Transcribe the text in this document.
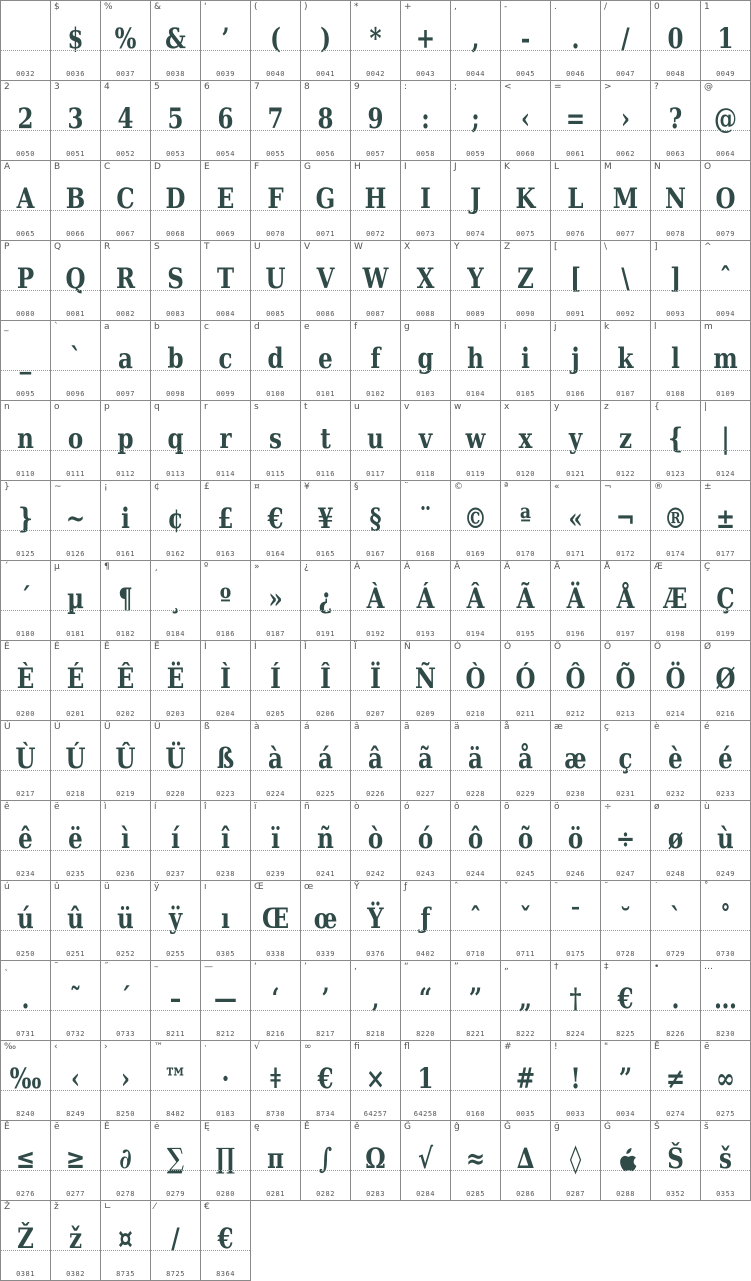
0032
$
$
0036
%
%
0037
&
&
0038
'
’
0039
(
(
0040
)
)
0041
*
*
0042
+
+
0043
,
,
0044
-
-
0045
.
.
0046
/
/
0047
0
0
0048
1
1
0049
2
2
0050
3
3
0051
4
4
0052
5
5
0053
6
6
0054
7
7
0055
8
8
0056
9
9
0057
:
:
0058
;
;
0059
<
‹
0060
=
=
0061
>
›
0062
?
?
0063
@
@
0064
A
A
0065
B
B
0066
C
C
0067
D
D
0068
E
E
0069
F
F
0070
G
G
0071
H
H
0072
I
I
0073
J
J
0074
K
K
0075
L
L
0076
M
M
0077
N
N
0078
O
O
0079
P
P
0080
Q
Q
0081
R
R
0082
S
S
0083
T
T
0084
U
U
0085
V
V
0086
W
W
0087
X
X
0088
Y
Y
0089
Z
Z
0090
[
[
0091
\
\
0092
]
]
0093
^
ˆ
0094
_
_
0095
`
`
0096
a
a
0097
b
b
0098
c
c
0099
d
d
0100
e
e
0101
f
f
0102
g
g
0103
h
h
0104
i
i
0105
j
j
0106
k
k
0107
l
l
0108
m
m
0109
n
n
0110
o
o
0111
p
p
0112
q
q
0113
r
r
0114
s
s
0115
t
t
0116
u
u
0117
v
v
0118
w
w
0119
x
x
0120
y
y
0121
z
z
0122
{
{
0123
|
|
0124
}
}
0125
~
~
0126
¡
i
0161
¢
¢
0162
£
£
0163
¤
€
0164
¥
¥
0165
§
§
0167
¨
¨
0168
©
©
0169
ª
ª
0170
«
«
0171
¬
¬
0172
®
®
0174
±
±
0177
´
´
0180
µ
µ
0181
¶
¶
0182
¸
¸
0184
º
º
0186
»
»
0187
¿
¿
0191
À
À
0192
Á
Á
0193
Â
Â
0194
Ã
Ã
0195
Ä
Ä
0196
Å
Å
0197
Æ
Æ
0198
Ç
Ç
0199
È
È
0200
É
É
0201
Ê
Ê
0202
Ë
Ë
0203
Ì
Ì
0204
Í
Í
0205
Î
Î
0206
Ï
Ï
0207
Ñ
Ñ
0209
Ò
Ò
0210
Ó
Ó
0211
Ô
Ô
0212
Õ
Õ
0213
Ö
Ö
0214
Ø
Ø
0216
Ù
Ù
0217
Ú
Ú
0218
Û
Û
0219
Ü
Ü
0220
ß
ß
0223
à
à
0224
á
á
0225
â
â
0226
ã
ã
0227
ä
ä
0228
å
å
0229
æ
æ
0230
ç
ç
0231
è
è
0232
é
é
0233
ê
ê
0234
ë
ë
0235
ì
ì
0236
í
í
0237
î
î
0238
ï
ï
0239
ñ
ñ
0241
ò
ò
0242
ó
ó
0243
ô
ô
0244
õ
õ
0245
ö
ö
0246
÷
÷
0247
ø
ø
0248
ù
ù
0249
ú
ú
0250
û
û
0251
ü
ü
0252
ÿ
ÿ
0255
ı
ı
0305
Œ
Œ
0338
œ
œ
0339
Ÿ
Ÿ
0376
ƒ
ƒ
0402
ˆ
ˆ
0710
ˇ
ˇ
0711
¯
¯
0175
˘
˘
0728
˙
`
0729
˚
˚
0730
˛
.
0731
˜
˜
0732
˝
´
0733
–
–
8211
—
—
8212
‘
‘
8216
’
’
8217
‚
‚
8218
“
“
8220
”
”
8221
„
„
8222
†
†
8224
‡
€
8225
•
.
8226
…
…
8230
‰
‰
8240
‹
‹
8249
›
›
8250
™
™
8482
·
·
0183
√
ǂ
8730
∞
€
8734
ﬁ
×
64257
ﬂ
1
64258	0160
#
#
0035
!
!
0033
"
”
0034
Ē
≠
0274
ē
∞
0275
Ĕ
≤
0276
ĕ
≥
0277
Ė
∂
0278
ė
∑
0279
Ę
∏
0280
ę
π
0281
Ě
∫
0282
ě
Ω
0283
Ĝ
√
0284
ĝ
≈
0285
Ğ
∆
0286
ğ
◊
0287
Ġ
0288
Š
Š
0352
š
š
0353
Ž
Ž
0381
ž
ž
0382
∟
¤
8735
⁄
/
8725
€
€
8364
